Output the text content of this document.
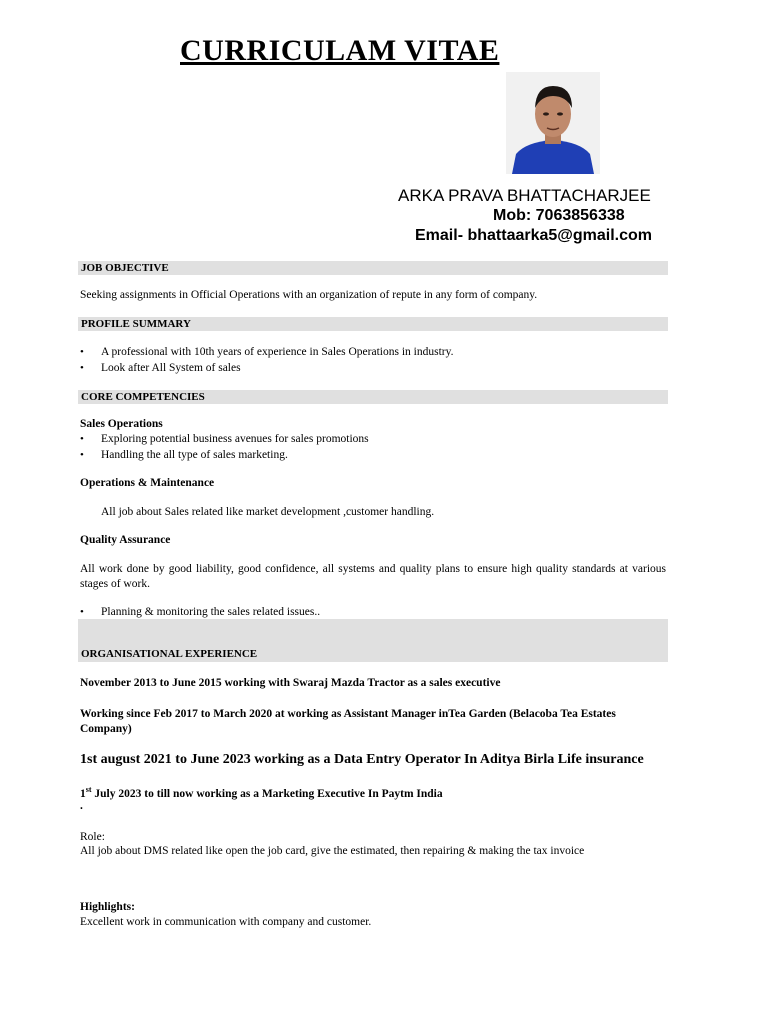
CURRICULAM VITAE
ARKA PRAVA BHATTACHARJEE
Mob: 7063856338
Email- bhattaarka5@gmail.com
JOB OBJECTIVE
Seeking assignments in Official Operations with an organization of repute in any form of company.
PROFILE SUMMARY
• A professional with 10th years of experience in Sales Operations in industry.
• Look after All System of sales
CORE COMPETENCIES
Sales Operations
• Exploring potential business avenues for sales promotions
• Handling the all type of sales marketing.
Operations & Maintenance
All job about Sales related like market development ,customer handling.
Quality Assurance
All work done by good liability, good confidence, all systems and quality plans to ensure high quality standards at various stages of work.
• Planning & monitoring the sales related issues..
ORGANISATIONAL EXPERIENCE
November 2013 to June 2015 working with Swaraj Mazda Tractor as a sales executive
Working since Feb 2017 to March 2020 at working as Assistant Manager inTea Garden (Belacoba Tea Estates Company)
1st august 2021 to June 2023 working as a Data Entry Operator In Aditya Birla Life insurance
1st July 2023 to till now working as a Marketing Executive In Paytm India
.
Role:
All job about DMS related like open the job card, give the estimated, then repairing & making the tax invoice
Highlights:
Excellent work in communication with company and customer.
